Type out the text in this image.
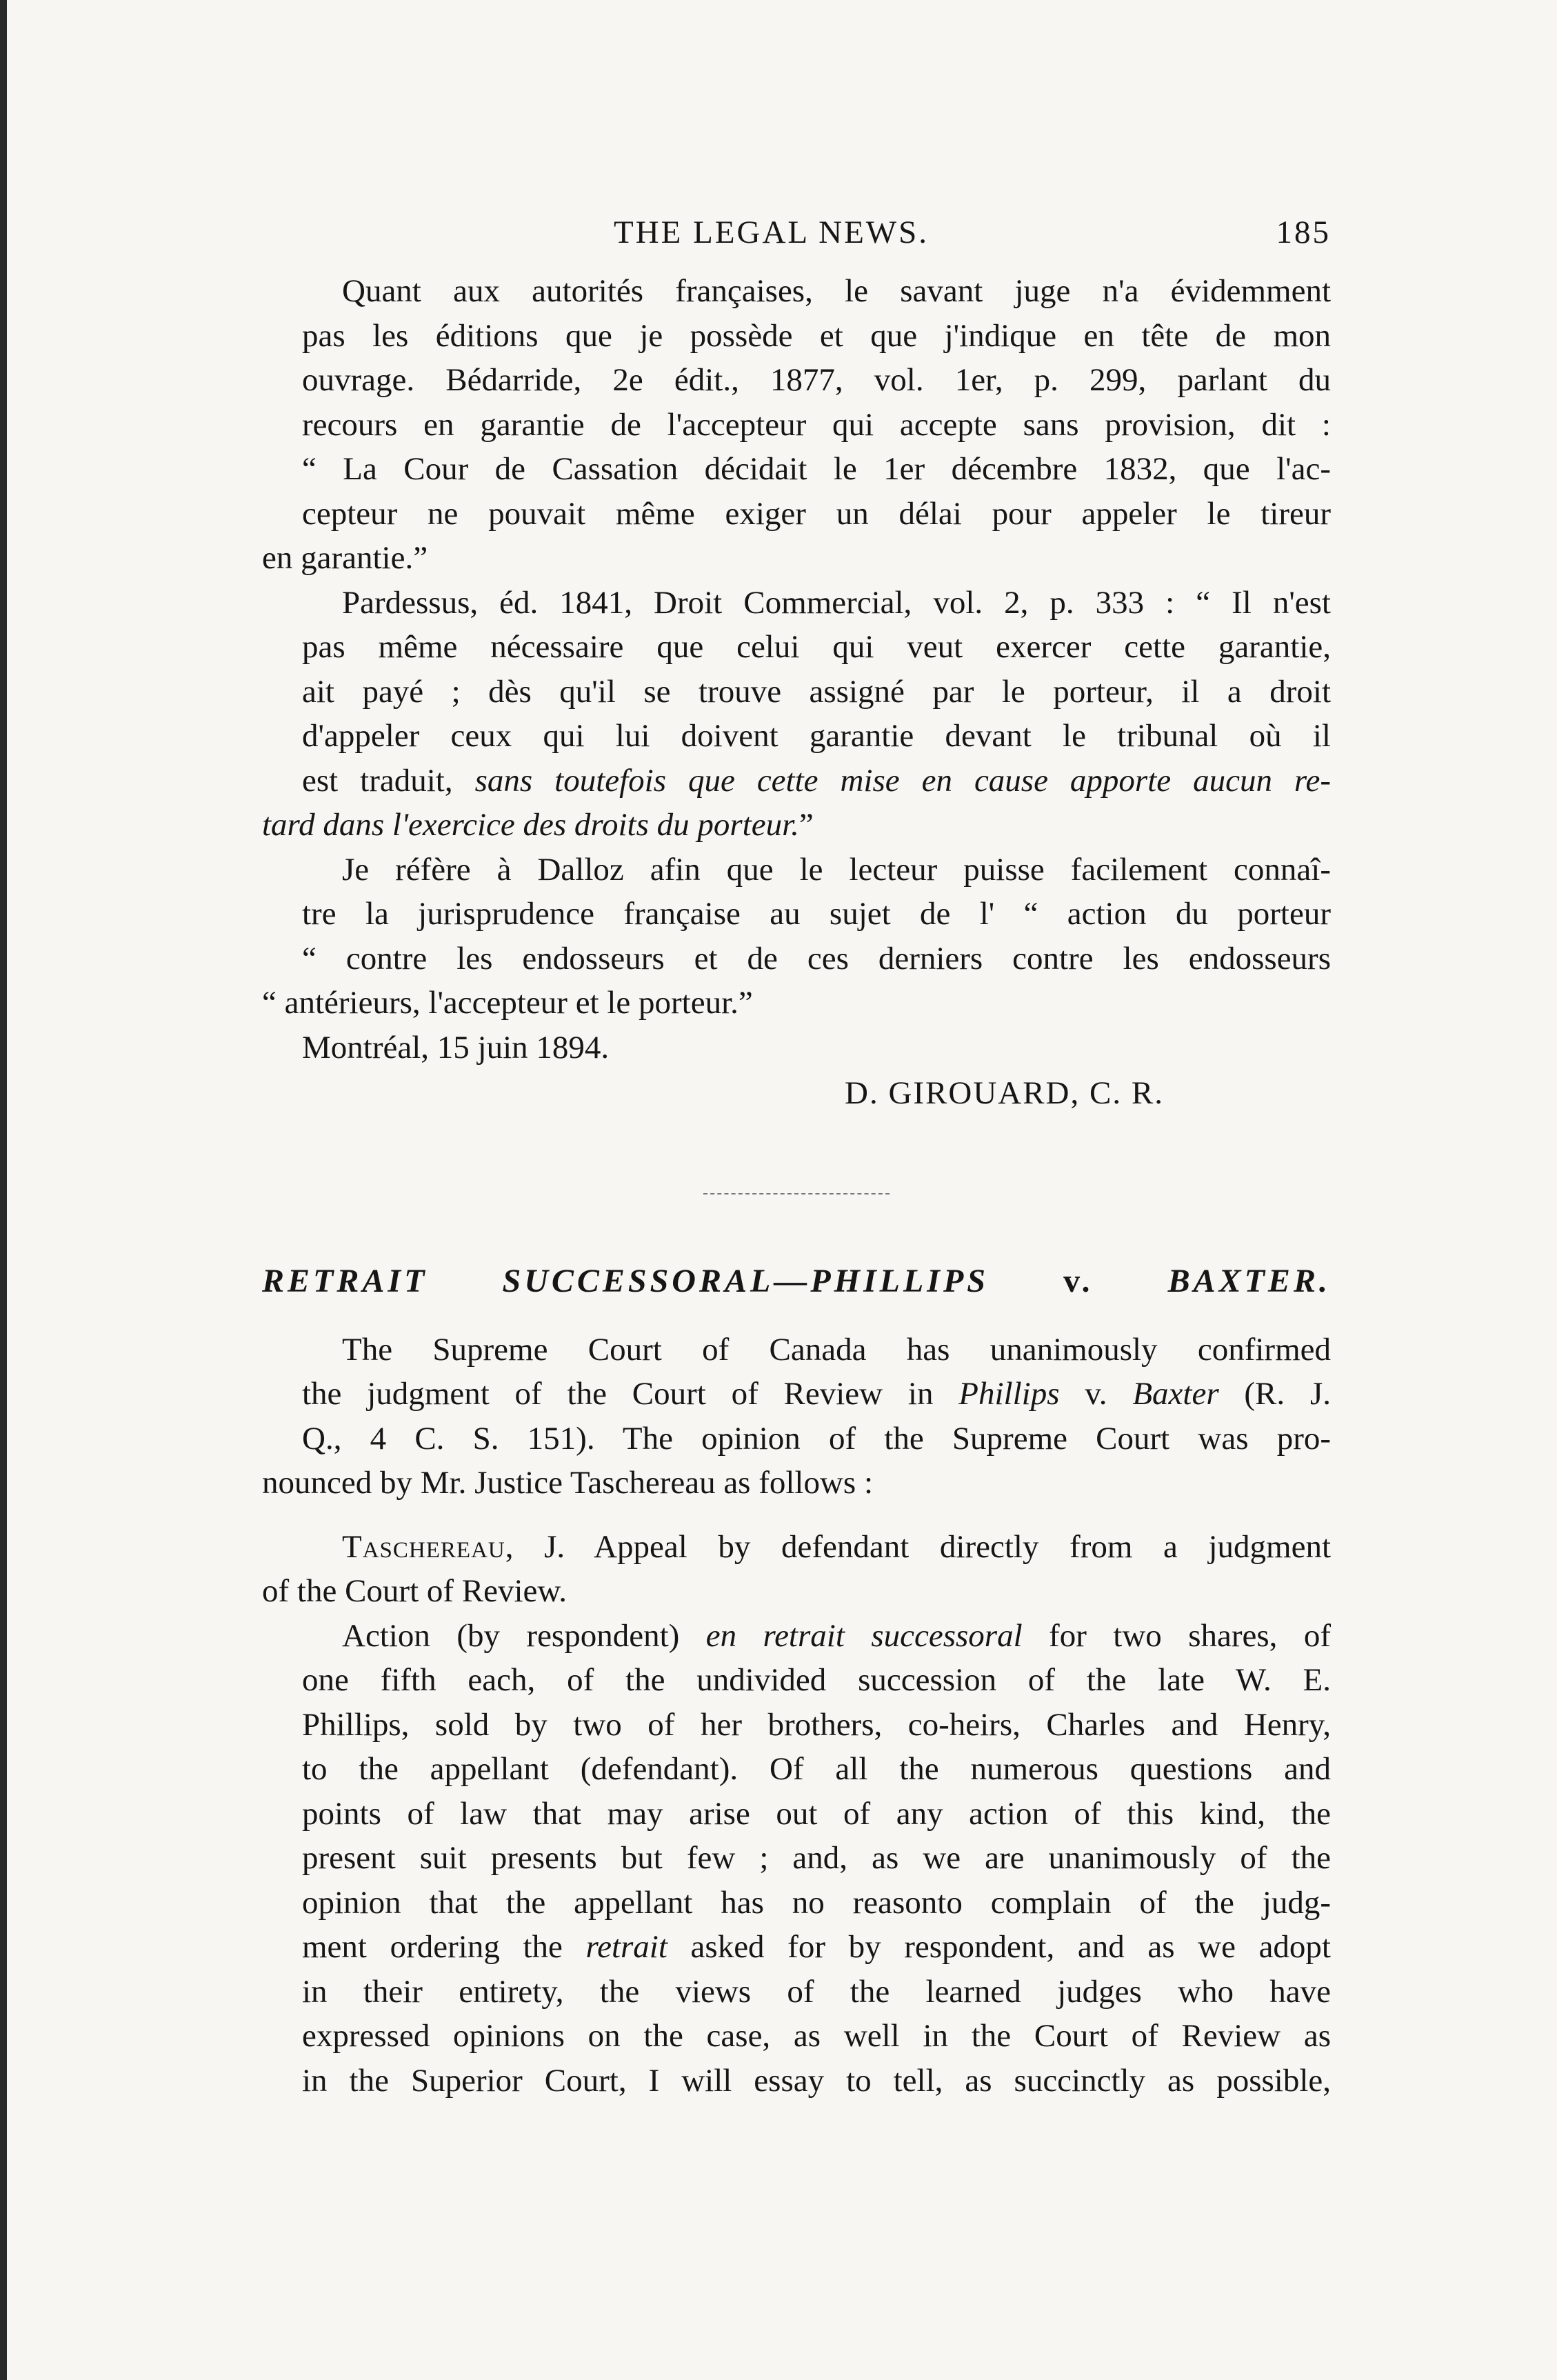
THE LEGAL NEWS.	185

Quant aux autorités françaises, le savant juge n'a évidemment
pas les éditions que je possède et que j'indique en tête de mon
ouvrage. Bédarride, 2e édit., 1877, vol. 1er, p. 299, parlant du
recours en garantie de l'accepteur qui accepte sans provision, dit :
“ La Cour de Cassation décidait le 1er décembre 1832, que l'ac-
cepteur ne pouvait même exiger un délai pour appeler le tireur
en garantie.”

Pardessus, éd. 1841, Droit Commercial, vol. 2, p. 333 : “ Il n'est
pas même nécessaire que celui qui veut exercer cette garantie,
ait payé ; dès qu'il se trouve assigné par le porteur, il a droit
d'appeler ceux qui lui doivent garantie devant le tribunal où il
est traduit, sans toutefois que cette mise en cause apporte aucun re-
tard dans l'exercice des droits du porteur.”

Je réfère à Dalloz afin que le lecteur puisse facilement connaî-
tre la jurisprudence française au sujet de l' “ action du porteur
“ contre les endosseurs et de ces derniers contre les endosseurs
“ antérieurs, l'accepteur et le porteur.”

Montréal, 15 juin 1894.

D. GIROUARD, C. R.

RETRAIT SUCCESSORAL—PHILLIPS v. BAXTER.

The Supreme Court of Canada has unanimously confirmed
the judgment of the Court of Review in Phillips v. Baxter (R. J.
Q., 4 C. S. 151). The opinion of the Supreme Court was pro-
nounced by Mr. Justice Taschereau as follows :

Taschereau, J. Appeal by defendant directly from a judgment
of the Court of Review.

Action (by respondent) en retrait successoral for two shares, of
one fifth each, of the undivided succession of the late W. E.
Phillips, sold by two of her brothers, co-heirs, Charles and Henry,
to the appellant (defendant). Of all the numerous questions and
points of law that may arise out of any action of this kind, the
present suit presents but few ; and, as we are unanimously of the
opinion that the appellant has no reasonto complain of the judg-
ment ordering the retrait asked for by respondent, and as we adopt
in their entirety, the views of the learned judges who have
expressed opinions on the case, as well in the Court of Review as
in the Superior Court, I will essay to tell, as succinctly as possible,
